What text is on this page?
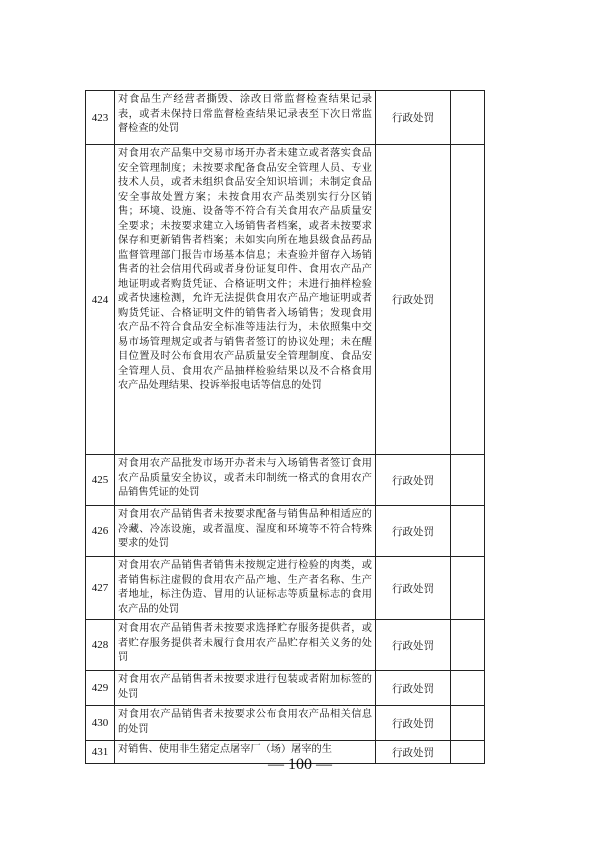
423	对食品生产经营者撕毁、涂改日常监督检查结果记录表，或者未保持日常监督检查结果记录表至下次日常监督检查的处罚	行政处罚	
424	对食用农产品集中交易市场开办者未建立或者落实食品安全管理制度；未按要求配备食品安全管理人员、专业技术人员，或者未组织食品安全知识培训；未制定食品安全事故处置方案；未按食用农产品类别实行分区销售；环境、设施、设备等不符合有关食用农产品质量安全要求；未按要求建立入场销售者档案，或者未按要求保存和更新销售者档案；未如实向所在地县级食品药品监督管理部门报告市场基本信息；未查验并留存入场销售者的社会信用代码或者身份证复印件、食用农产品产地证明或者购货凭证、合格证明文件；未进行抽样检验或者快速检测，允许无法提供食用农产品产地证明或者购货凭证、合格证明文件的销售者入场销售；发现食用农产品不符合食品安全标准等违法行为，未依照集中交易市场管理规定或者与销售者签订的协议处理；未在醒目位置及时公布食用农产品质量安全管理制度、食品安全管理人员、食用农产品抽样检验结果以及不合格食用农产品处理结果、投诉举报电话等信息的处罚	行政处罚	
425	对食用农产品批发市场开办者未与入场销售者签订食用农产品质量安全协议，或者未印制统一格式的食用农产品销售凭证的处罚	行政处罚	
426	对食用农产品销售者未按要求配备与销售品种相适应的冷藏、冷冻设施，或者温度、湿度和环境等不符合特殊要求的处罚	行政处罚	
427	对食用农产品销售者销售未按规定进行检验的肉类，或者销售标注虚假的食用农产品产地、生产者名称、生产者地址，标注伪造、冒用的认证标志等质量标志的食用农产品的处罚	行政处罚	
428	对食用农产品销售者未按要求选择贮存服务提供者，或者贮存服务提供者未履行食用农产品贮存相关义务的处罚	行政处罚	
429	对食用农产品销售者未按要求进行包装或者附加标签的处罚	行政处罚	
430	对食用农产品销售者未按要求公布食用农产品相关信息的处罚	行政处罚	
431	对销售、使用非生猪定点屠宰厂（场）屠宰的生	行政处罚	
— 100 —
